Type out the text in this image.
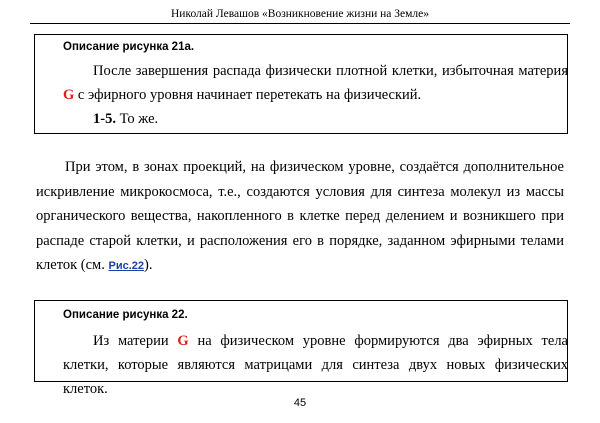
Николай Левашов «Возникновение жизни на Земле»
Описание рисунка 21а.
После завершения распада физически плотной клетки, избыточная материя G с эфирного уровня начинает перетекать на физический.
1-5. То же.
При этом, в зонах проекций, на физическом уровне, создаётся дополнительное искривление микрокосмоса, т.е., создаются условия для синтеза молекул из массы органического вещества, накопленного в клетке перед делением и возникшего при распаде старой клетки, и расположения его в порядке, заданном эфирными телами клеток (см. Рис.22).
Описание рисунка 22.
Из материи G на физическом уровне формируются два эфирных тела клетки, которые являются матрицами для синтеза двух новых физических клеток.
45
